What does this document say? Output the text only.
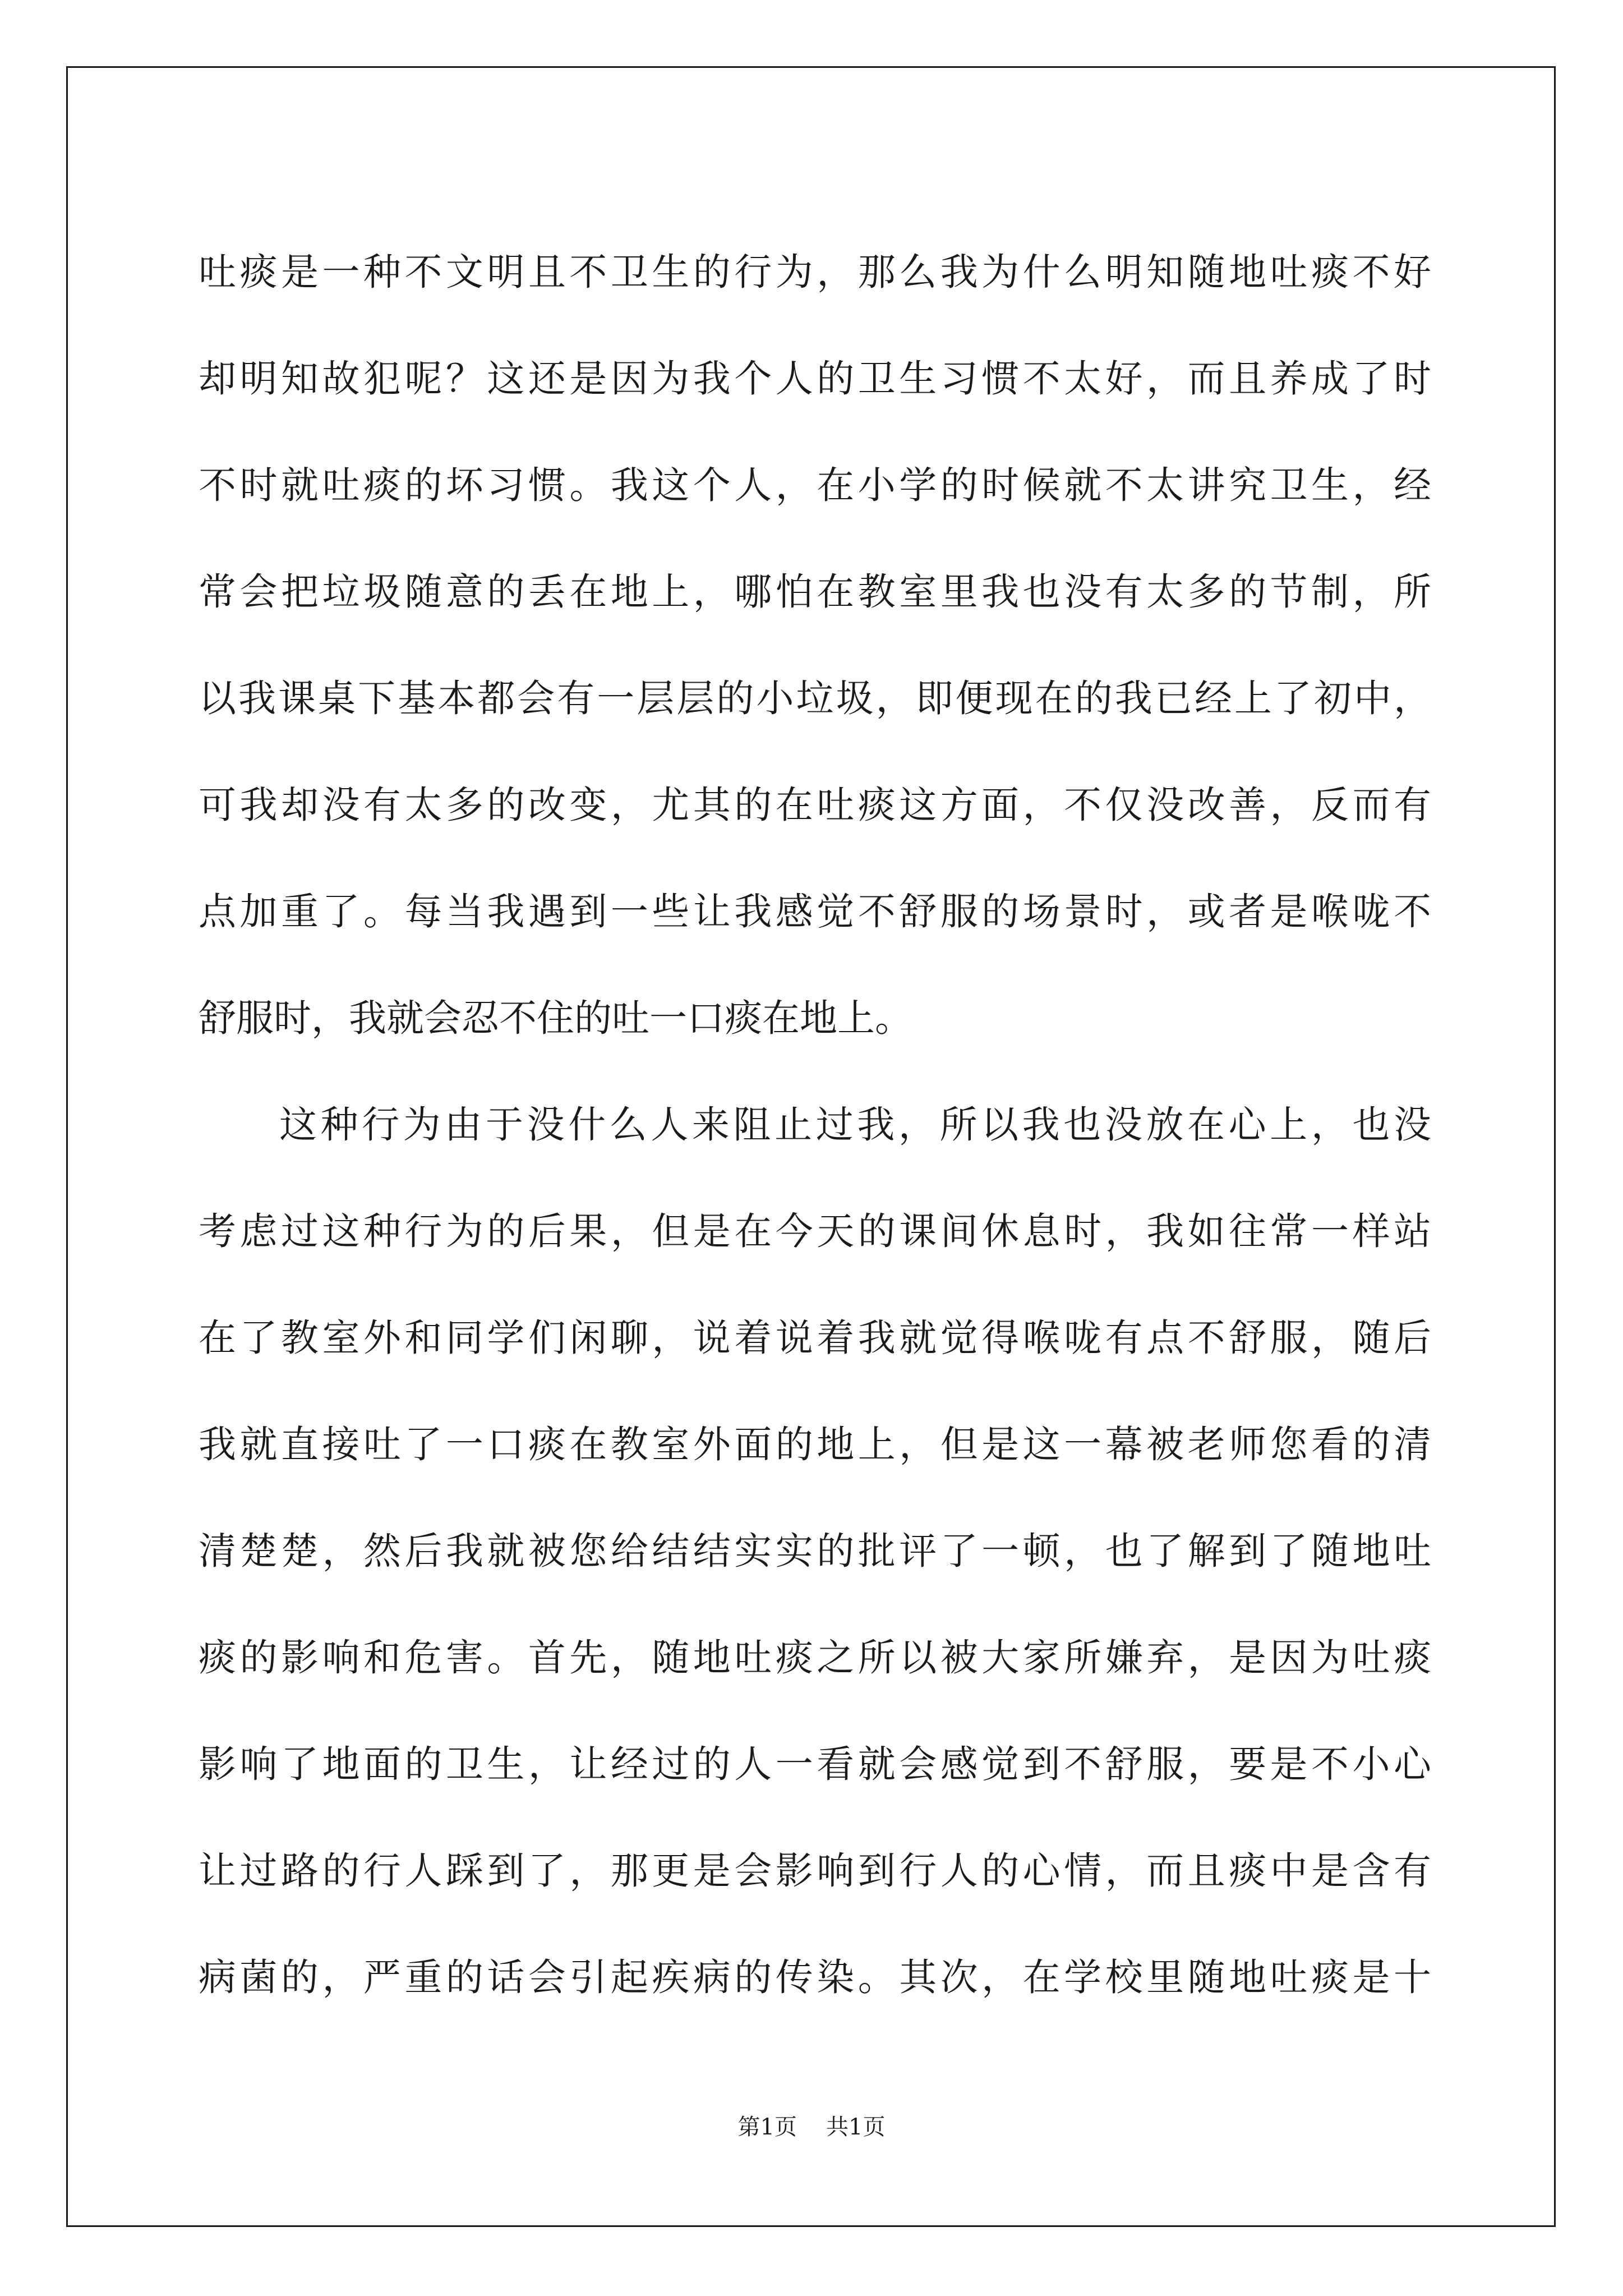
吐痰是一种不文明且不卫生的行为，那么我为什么明知随地吐痰不好
却明知故犯呢？这还是因为我个人的卫生习惯不太好，而且养成了时
不时就吐痰的坏习惯。我这个人，在小学的时候就不太讲究卫生，经
常会把垃圾随意的丢在地上，哪怕在教室里我也没有太多的节制，所
以我课桌下基本都会有一层层的小垃圾，即便现在的我已经上了初中，
可我却没有太多的改变，尤其的在吐痰这方面，不仅没改善，反而有
点加重了。每当我遇到一些让我感觉不舒服的场景时，或者是喉咙不
舒服时，我就会忍不住的吐一口痰在地上。
这种行为由于没什么人来阻止过我，所以我也没放在心上，也没
考虑过这种行为的后果，但是在今天的课间休息时，我如往常一样站
在了教室外和同学们闲聊，说着说着我就觉得喉咙有点不舒服，随后
我就直接吐了一口痰在教室外面的地上，但是这一幕被老师您看的清
清楚楚，然后我就被您给结结实实的批评了一顿，也了解到了随地吐
痰的影响和危害。首先，随地吐痰之所以被大家所嫌弃，是因为吐痰
影响了地面的卫生，让经过的人一看就会感觉到不舒服，要是不小心
让过路的行人踩到了，那更是会影响到行人的心情，而且痰中是含有
病菌的，严重的话会引起疾病的传染。其次，在学校里随地吐痰是十
第1页 共1页
